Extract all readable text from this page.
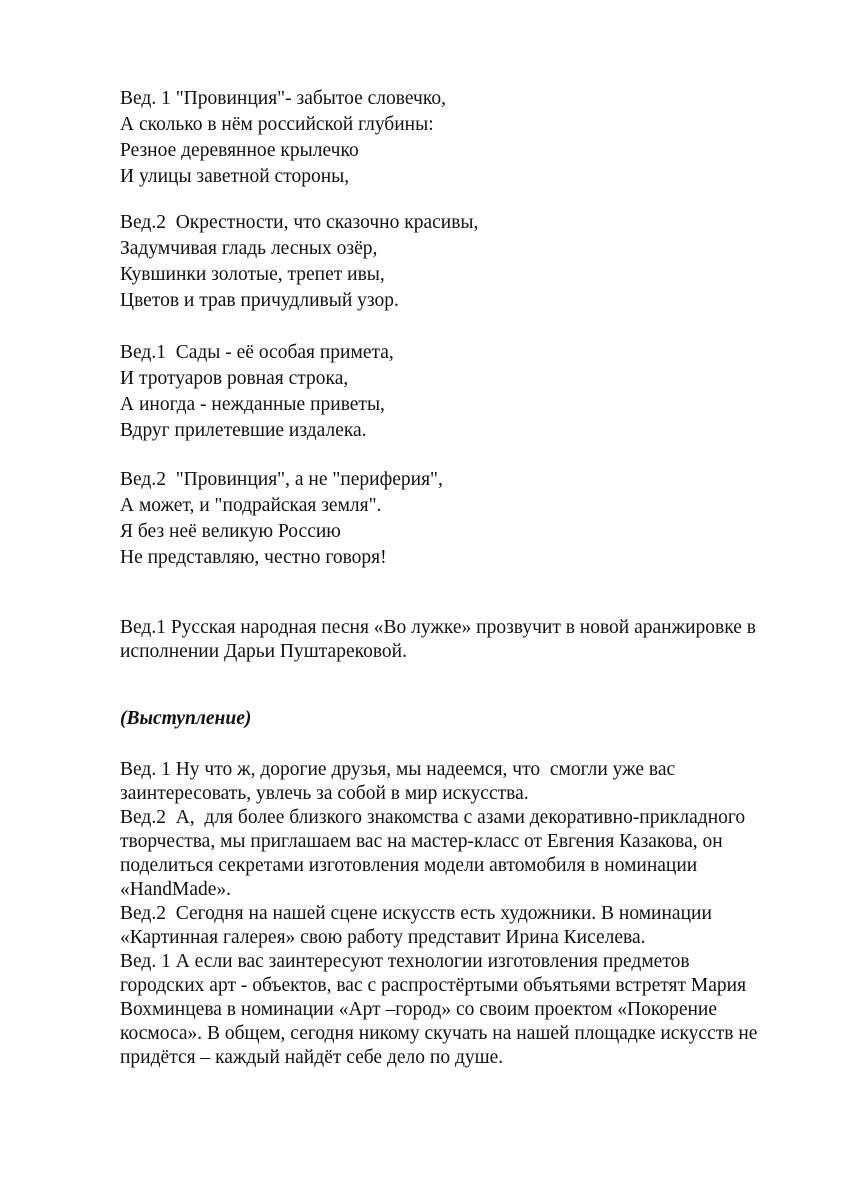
Вед. 1 "Провинция"- забытое словечко,
А сколько в нём российской глубины:
Резное деревянное крылечко
И улицы заветной стороны,
Вед.2  Окрестности, что сказочно красивы,
Задумчивая гладь лесных озёр,
Кувшинки золотые, трепет ивы,
Цветов и трав причудливый узор.
Вед.1  Сады - её особая примета,
И тротуаров ровная строка,
А иногда - нежданные приветы,
Вдруг прилетевшие издалека.
Вед.2  "Провинция", а не "периферия",
А может, и "подрайская земля".
Я без неё великую Россию
Не представляю, честно говоря!

Вед.1 Русская народная песня «Во лужке» прозвучит в новой аранжировке в исполнении Дарьи Пуштарековой.

(Выступление)

Вед. 1 Ну что ж, дорогие друзья, мы надеемся, что  смогли уже вас
заинтересовать, увлечь за собой в мир искусства.
Вед.2  А,  для более близкого знакомства с азами декоративно-прикладного
творчества, мы приглашаем вас на мастер-класс от Евгения Казакова, он
поделиться секретами изготовления модели автомобиля в номинации
«HandMade».
Вед.2  Сегодня на нашей сцене искусств есть художники. В номинации
«Картинная галерея» свою работу представит Ирина Киселева.
Вед. 1 А если вас заинтересуют технологии изготовления предметов
городских арт - объектов, вас с распростёртыми объятьями встретят Мария
Вохминцева в номинации «Арт –город» со своим проектом «Покорение
космоса». В общем, сегодня никому скучать на нашей площадке искусств не
придётся – каждый найдёт себе дело по душе.
